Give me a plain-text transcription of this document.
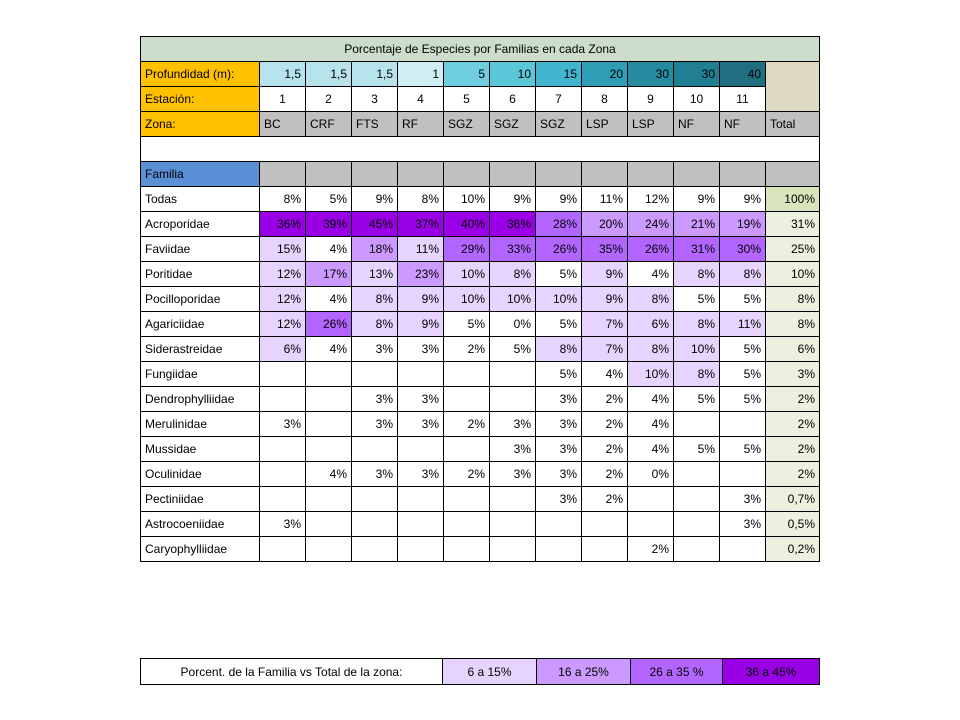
Porcentaje de Especies por Familias en cada Zona												
Profundidad (m):	1,5	1,5	1,5	1	5	10	15	20	30	30	40	
Estación:	1	2	3	4	5	6	7	8	9	10	11	
Zona:	BC	CRF	FTS	RF	SGZ	SGZ	SGZ	LSP	LSP	NF	NF	Total

Familia												
Todas	8%	5%	9%	8%	10%	9%	9%	11%	12%	9%	9%	100%
Acroporidae	36%	39%	45%	37%	40%	36%	28%	20%	24%	21%	19%	31%
Faviidae	15%	4%	18%	11%	29%	33%	26%	35%	26%	31%	30%	25%
Poritidae	12%	17%	13%	23%	10%	8%	5%	9%	4%	8%	8%	10%
Pocilloporidae	12%	4%	8%	9%	10%	10%	10%	9%	8%	5%	5%	8%
Agariciidae	12%	26%	8%	9%	5%	0%	5%	7%	6%	8%	11%	8%
Siderastreidae	6%	4%	3%	3%	2%	5%	8%	7%	8%	10%	5%	6%
Fungiidae							5%	4%	10%	8%	5%	3%
Dendrophylliidae			3%	3%			3%	2%	4%	5%	5%	2%
Merulinidae	3%		3%	3%	2%	3%	3%	2%	4%			2%
Mussidae						3%	3%	2%	4%	5%	5%	2%
Oculinidae		4%	3%	3%	2%	3%	3%	2%	0%			2%
Pectiniidae							3%	2%			3%	0,7%
Astrocoeniidae	3%										3%	0,5%
Caryophylliidae									2%			0,2%
Porcent. de la Familia vs Total de la zona:	6 a 15%	16 a 25%	26 a 35 %	36 a 45%
